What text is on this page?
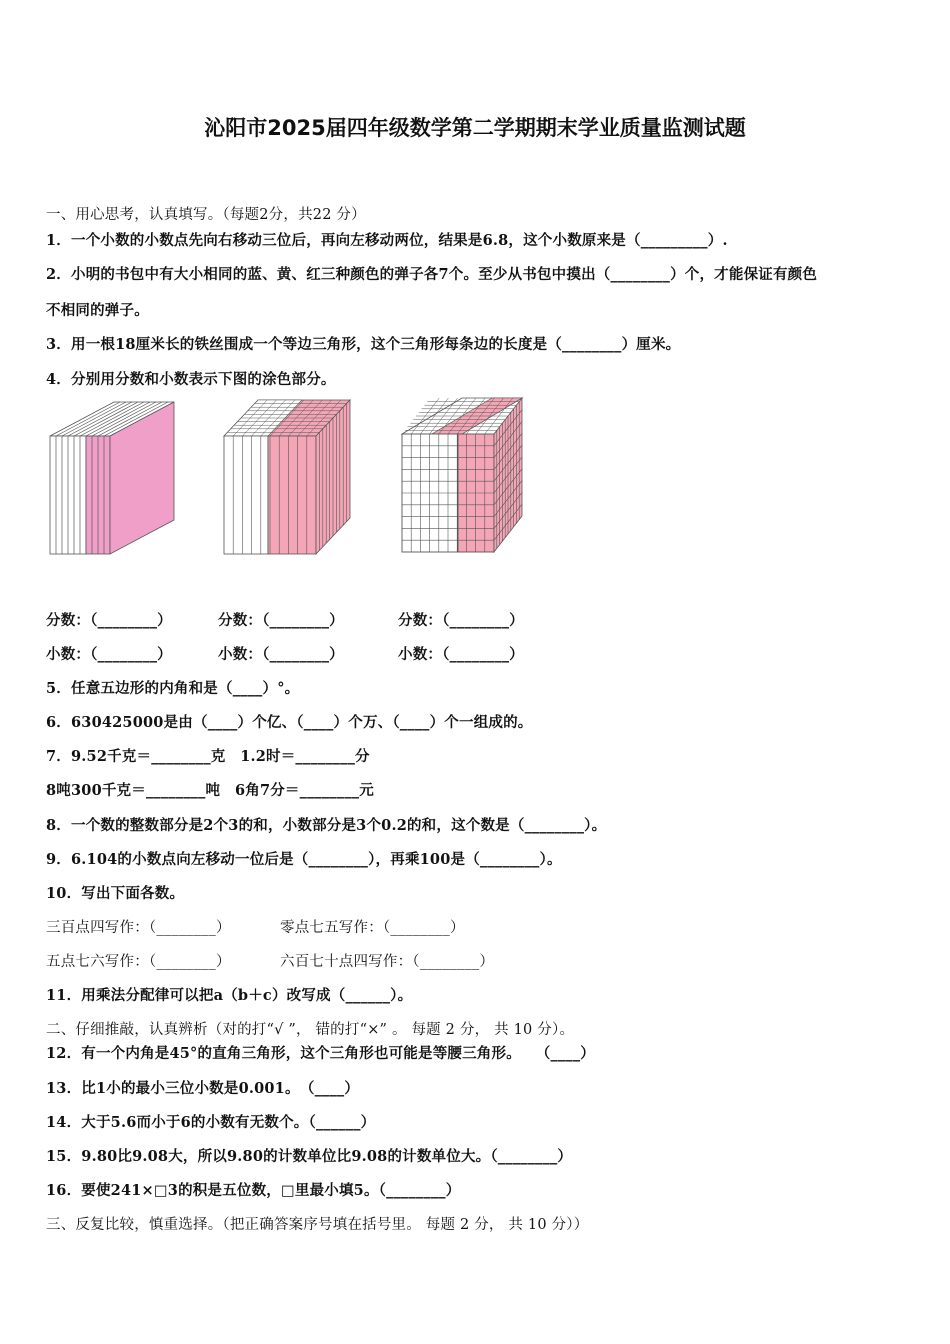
沁阳市2025届四年级数学第二学期期末学业质量监测试题
一、用心思考，认真填写。（每题2分，共22 分）
1．一个小数的小数点先向右移动三位后，再向左移动两位，结果是6.8，这个小数原来是（_________）.
2．小明的书包中有大小相同的蓝、黄、红三种颜色的弹子各7个。至少从书包中摸出（________）个，才能保证有颜色
不相同的弹子。
3．用一根18厘米长的铁丝围成一个等边三角形，这个三角形每条边的长度是（________）厘米。
4．分别用分数和小数表示下图的涂色部分。
分数：（________）	分数：（________）	分数：（________）
小数：（________）	小数：（________）	小数：（________）
5．任意五边形的内角和是（____）°。
6．630425000是由（____）个亿、（____）个万、（____）个一组成的。
7．9.52千克＝________克　1.2时＝________分
8吨300千克＝________吨　6角7分＝________元
8．一个数的整数部分是2个3的和，小数部分是3个0.2的和，这个数是（________）。
9．6.104的小数点向左移动一位后是（________），再乘100是（________）。
10．写出下面各数。
三百点四写作：（________）	零点七五写作：（________）
五点七六写作：（________）	六百七十点四写作：（________）
11．用乘法分配律可以把a（b＋c）改写成（______）。
二、仔细推敲，认真辨析（对的打“√ ”， 错的打“×” 。 每题 2 分， 共 10 分）。
12．有一个内角是45°的直角三角形，这个三角形也可能是等腰三角形。　　（____）
13．比1小的最小三位小数是0.001。　（____）
14．大于5.6而小于6的小数有无数个。（______）
15．9.80比9.08大，所以9.80的计数单位比9.08的计数单位大。（________）
16．要使241×□3的积是五位数，□里最小填5。（________）
三、反复比较，慎重选择。（把正确答案序号填在括号里。 每题 2 分， 共 10 分））
